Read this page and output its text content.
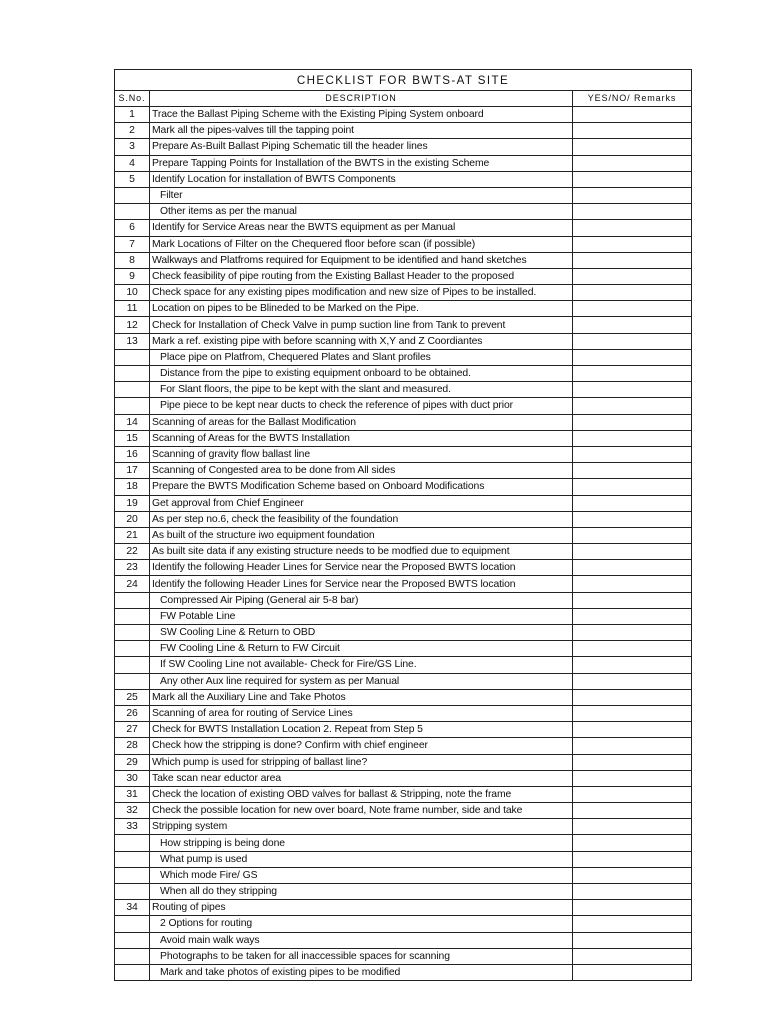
CHECKLIST FOR BWTS-AT SITE		
S.No.	DESCRIPTION	YES/NO/ Remarks
1	Trace the Ballast Piping Scheme with the Existing Piping System onboard	
2	Mark all the pipes-valves till the tapping point	
3	Prepare As-Built Ballast Piping Schematic till the header lines	
4	Prepare Tapping Points for Installation of the BWTS in the existing Scheme	
5	Identify Location for installation of BWTS Components	
	Filter	
	Other items as per the manual	
6	Identify for Service Areas near the BWTS equipment as per Manual	
7	Mark Locations of Filter on the Chequered floor before scan (if possible)	
8	Walkways and Platfroms required for Equipment to be identified and hand sketches	
9	Check feasibility of pipe routing from the Existing Ballast Header to the proposed	
10	Check space for any existing pipes modification and new size of Pipes to be installed.	
11	Location on pipes to be Blineded to be Marked on the Pipe.	
12	Check for Installation of Check Valve in pump suction line from Tank to prevent	
13	Mark a ref. existing pipe with before scanning with X,Y and Z Coordiantes	
	Place pipe on Platfrom, Chequered Plates and Slant profiles	
	Distance from the pipe to existing equipment onboard to be obtained.	
	For Slant floors, the pipe to be kept with the slant and measured.	
	Pipe piece to be kept near ducts to check the reference of pipes with duct prior	
14	Scanning of areas for the Ballast Modification	
15	Scanning of Areas for the BWTS Installation	
16	Scanning of gravity flow ballast line	
17	Scanning of Congested area to be done from All sides	
18	Prepare the BWTS Modification Scheme based on Onboard Modifications	
19	Get approval from Chief Engineer	
20	As per step no.6, check the feasibility of the foundation	
21	As built of the structure iwo equipment foundation	
22	As built site data if any existing structure needs to be modfied due to equipment	
23	Identify the following Header Lines for Service near the Proposed BWTS location	
24	Identify the following Header Lines for Service near the Proposed BWTS location	
	Compressed Air Piping (General air 5-8 bar)	
	FW Potable Line	
	SW Cooling Line & Return to OBD	
	FW Cooling Line & Return to FW Circuit	
	If SW Cooling Line not available- Check for Fire/GS Line.	
	Any other Aux line required for system as per Manual	
25	Mark all the Auxiliary Line and Take Photos	
26	Scanning of area for routing of Service Lines	
27	Check for BWTS Installation Location 2. Repeat from Step 5	
28	Check how the stripping is done? Confirm with chief engineer	
29	Which pump is used for stripping of ballast line?	
30	Take scan near eductor area	
31	Check the location of existing OBD valves for ballast & Stripping, note the frame	
32	Check the possible location for new over board, Note frame number, side and take	
33	Stripping system	
	How stripping is being done	
	What pump is used	
	Which mode Fire/ GS	
	When all do they stripping	
34	Routing of pipes	
	2 Options for routing	
	Avoid main walk ways	
	Photographs to be taken for all inaccessible spaces for scanning	
	Mark and take photos of existing pipes to be modified	
